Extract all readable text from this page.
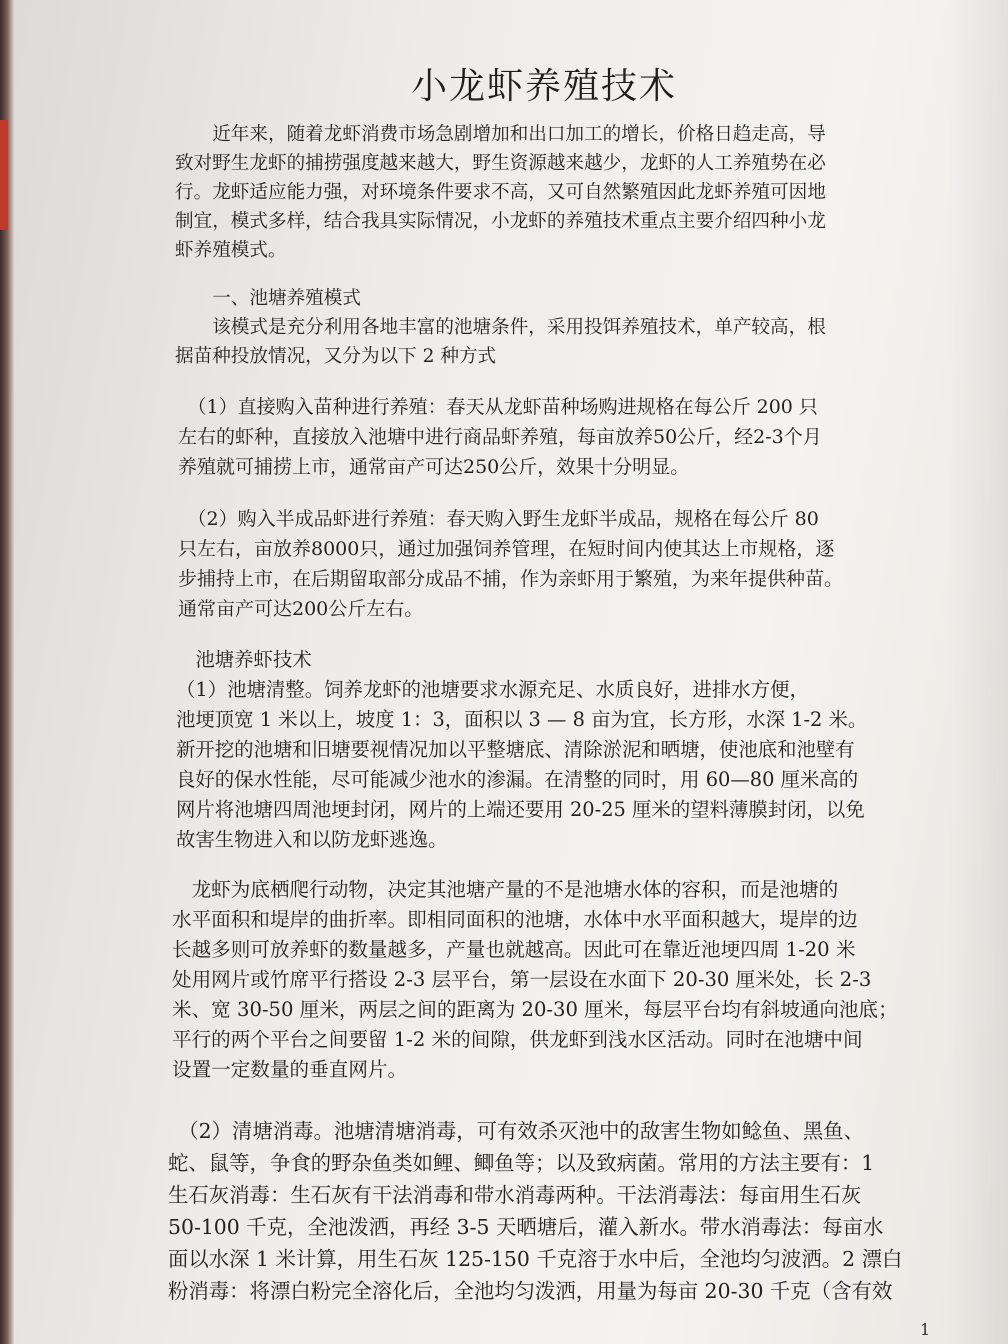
小龙虾养殖技术
　　近年来，随着龙虾消费市场急剧增加和出口加工的增长，价格日趋走高，导
致对野生龙虾的捕捞强度越来越大，野生资源越来越少，龙虾的人工养殖势在必
行。龙虾适应能力强，对环境条件要求不高，又可自然繁殖因此龙虾养殖可因地
制宜，模式多样，结合我具实际情况，小龙虾的养殖技术重点主要介绍四种小龙
虾养殖模式。
　　一、池塘养殖模式
　　该模式是充分利用各地丰富的池塘条件，采用投饵养殖技术，单产较高，根
据苗种投放情况，又分为以下 2 种方式
　（1）直接购入苗种进行养殖：春天从龙虾苗种场购进规格在每公斤 200 只
左右的虾种，直接放入池塘中进行商品虾养殖，每亩放养50公斤，经2-3个月
养殖就可捕捞上市，通常亩产可达250公斤，效果十分明显。
　（2）购入半成品虾进行养殖：春天购入野生龙虾半成品，规格在每公斤 80
只左右，亩放养8000只，通过加强饲养管理，在短时间内使其达上市规格，逐
步捕持上市，在后期留取部分成品不捕，作为亲虾用于繁殖，为来年提供种苗。
通常亩产可达200公斤左右。
　池塘养虾技术
（1）池塘清整。饲养龙虾的池塘要求水源充足、水质良好，进排水方便，
池埂顶宽 1 米以上，坡度 1：3，面积以 3 — 8 亩为宜，长方形，水深 1-2 米。
新开挖的池塘和旧塘要视情况加以平整塘底、清除淤泥和晒塘，使池底和池壁有
良好的保水性能，尽可能减少池水的渗漏。在清整的同时，用 60—80 厘米高的
网片将池塘四周池埂封闭，网片的上端还要用 20-25 厘米的望料薄膜封闭，以免
故害生物进入和以防龙虾逃逸。
　龙虾为底栖爬行动物，决定其池塘产量的不是池塘水体的容积，而是池塘的
水平面积和堤岸的曲折率。即相同面积的池塘，水体中水平面积越大，堤岸的边
长越多则可放养虾的数量越多，产量也就越高。因此可在靠近池埂四周 1-20 米
处用网片或竹席平行搭设 2-3 层平台，第一层设在水面下 20-30 厘米处，长 2-3
米、宽 30-50 厘米，两层之间的距离为 20-30 厘米，每层平台均有斜坡通向池底；
平行的两个平台之间要留 1-2 米的间隙，供龙虾到浅水区活动。同时在池塘中间
设置一定数量的垂直网片。
　（2）清塘消毒。池塘清塘消毒，可有效杀灭池中的敌害生物如鲶鱼、黑鱼、
蛇、鼠等，争食的野杂鱼类如鲤、鲫鱼等；以及致病菌。常用的方法主要有：1
生石灰消毒：生石灰有干法消毒和带水消毒两种。干法消毒法：每亩用生石灰
50-100 千克，全池泼洒，再经 3-5 天晒塘后，灌入新水。带水消毒法：每亩水
面以水深 1 米计算，用生石灰 125-150 千克溶于水中后，全池均匀波洒。2 漂白
粉消毒：将漂白粉完全溶化后，全池均匀泼洒，用量为每亩 20-30 千克（含有效
1
